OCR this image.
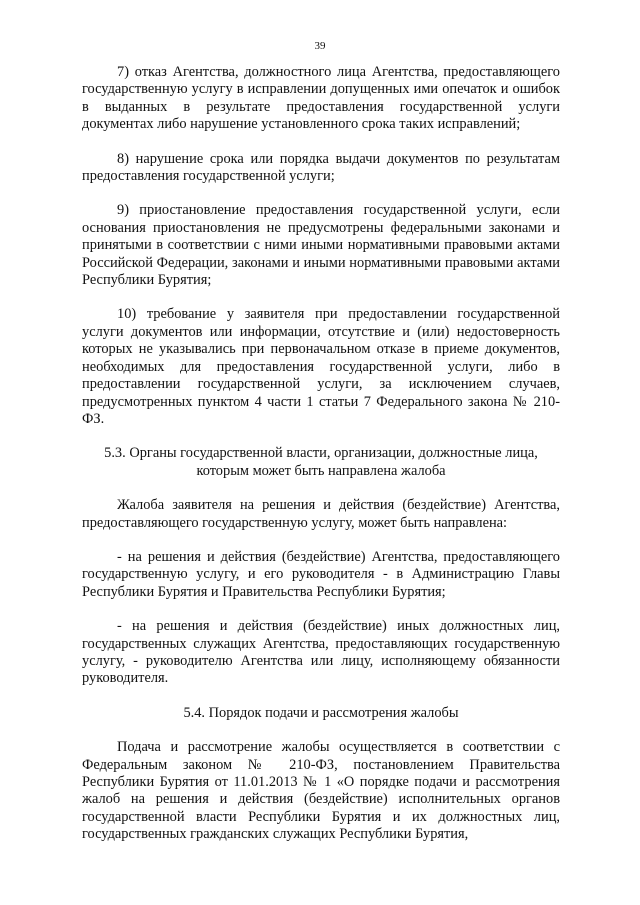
39

7) отказ Агентства, должностного лица Агентства, предоставляющего государственную услугу в исправлении допущенных ими опечаток и ошибок в выданных в результате предоставления государственной услуги документах либо нарушение установленного срока таких исправлений;

8) нарушение срока или порядка выдачи документов по результатам предоставления государственной услуги;

9) приостановление предоставления государственной услуги, если основания приостановления не предусмотрены федеральными законами и принятыми в соответствии с ними иными нормативными правовыми актами Российской Федерации, законами и иными нормативными правовыми актами Республики Бурятия;

10) требование у заявителя при предоставлении государственной услуги документов или информации, отсутствие и (или) недостоверность которых не указывались при первоначальном отказе в приеме документов, необходимых для предоставления государственной услуги, либо в предоставлении государственной услуги, за исключением случаев, предусмотренных пунктом 4 части 1 статьи 7 Федерального закона № 210-ФЗ.

5.3. Органы государственной власти, организации, должностные лица,
которым может быть направлена жалоба

Жалоба заявителя на решения и действия (бездействие) Агентства, предоставляющего государственную услугу, может быть направлена:

- на решения и действия (бездействие) Агентства, предоставляющего государственную услугу, и его руководителя - в Администрацию Главы Республики Бурятия и Правительства Республики Бурятия;

- на решения и действия (бездействие) иных должностных лиц, государственных служащих Агентства, предоставляющих государственную услугу, - руководителю Агентства или лицу, исполняющему обязанности руководителя.

5.4. Порядок подачи и рассмотрения жалобы

Подача и рассмотрение жалобы осуществляется в соответствии с Федеральным законом № 210-ФЗ, постановлением Правительства Республики Бурятия от 11.01.2013 № 1 «О порядке подачи и рассмотрения жалоб на решения и действия (бездействие) исполнительных органов государственной власти Республики Бурятия и их должностных лиц, государственных гражданских служащих Республики Бурятия,
